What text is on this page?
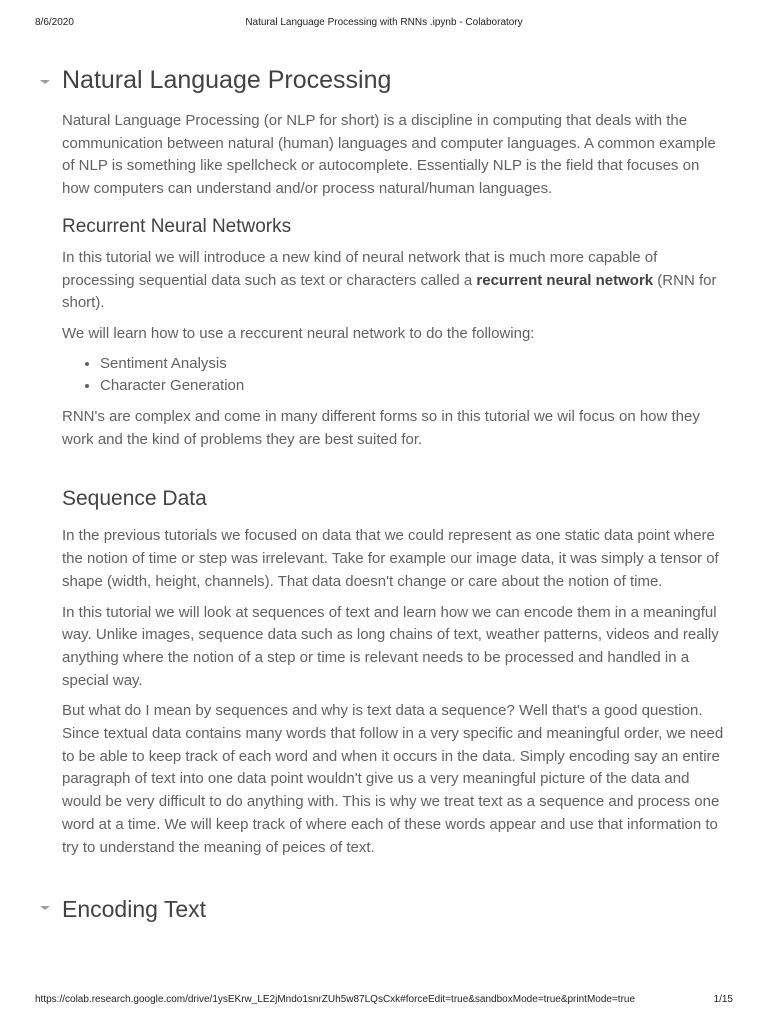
8/6/2020	Natural Language Processing with RNNs .ipynb - Colaboratory
Natural Language Processing

Natural Language Processing (or NLP for short) is a discipline in computing that deals with the communication between natural (human) languages and computer languages. A common example of NLP is something like spellcheck or autocomplete. Essentially NLP is the field that focuses on how computers can understand and/or process natural/human languages.

Recurrent Neural Networks

In this tutorial we will introduce a new kind of neural network that is much more capable of processing sequential data such as text or characters called a recurrent neural network (RNN for short).

We will learn how to use a reccurent neural network to do the following:

• Sentiment Analysis
• Character Generation

RNN's are complex and come in many different forms so in this tutorial we wil focus on how they work and the kind of problems they are best suited for.

Sequence Data

In the previous tutorials we focused on data that we could represent as one static data point where the notion of time or step was irrelevant. Take for example our image data, it was simply a tensor of shape (width, height, channels). That data doesn't change or care about the notion of time.

In this tutorial we will look at sequences of text and learn how we can encode them in a meaningful way. Unlike images, sequence data such as long chains of text, weather patterns, videos and really anything where the notion of a step or time is relevant needs to be processed and handled in a special way.

But what do I mean by sequences and why is text data a sequence? Well that's a good question. Since textual data contains many words that follow in a very specific and meaningful order, we need to be able to keep track of each word and when it occurs in the data. Simply encoding say an entire paragraph of text into one data point wouldn't give us a very meaningful picture of the data and would be very difficult to do anything with. This is why we treat text as a sequence and process one word at a time. We will keep track of where each of these words appear and use that information to try to understand the meaning of peices of text.

Encoding Text
https://colab.research.google.com/drive/1ysEKrw_LE2jMndo1snrZUh5w87LQsCxk#forceEdit=true&sandboxMode=true&printMode=true	1/15
